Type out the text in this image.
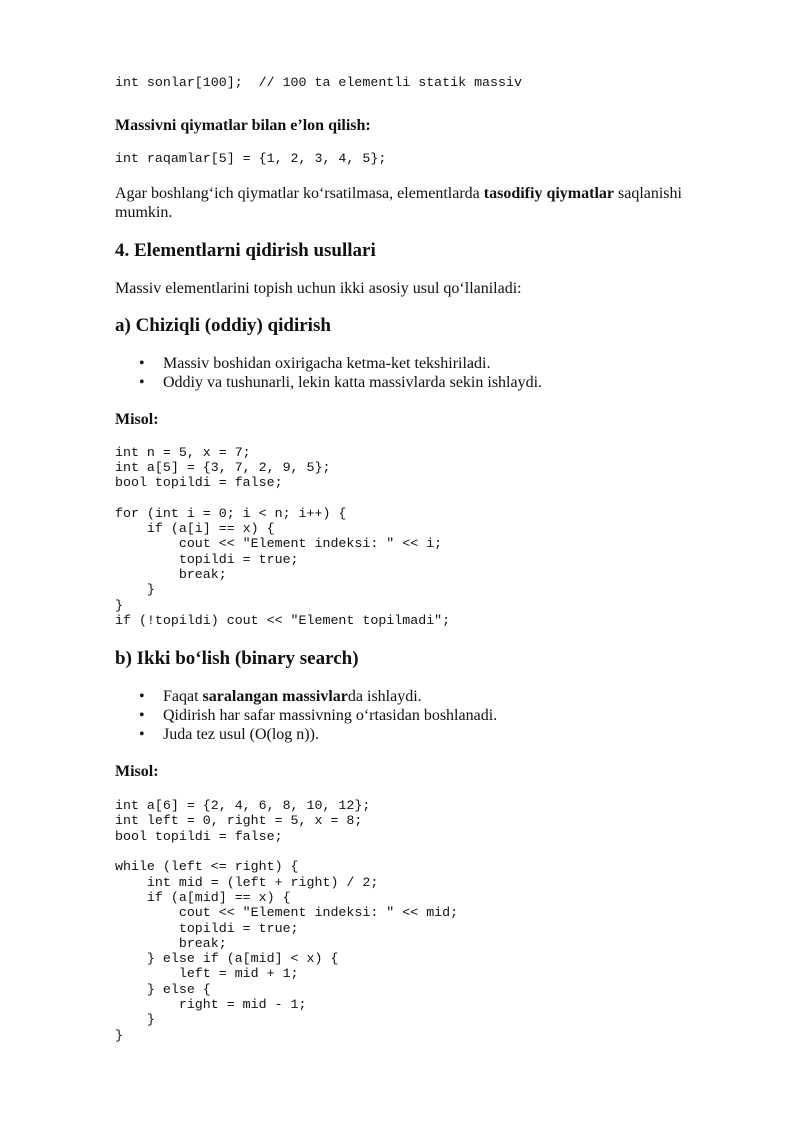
int sonlar[100];  // 100 ta elementli statik massiv

Massivni qiymatlar bilan e’lon qilish:

int raqamlar[5] = {1, 2, 3, 4, 5};

Agar boshlang‘ich qiymatlar ko‘rsatilmasa, elementlarda tasodifiy qiymatlar saqlanishi mumkin.

4. Elementlarni qidirish usullari

Massiv elementlarini topish uchun ikki asosiy usul qo‘llaniladi:

a) Chiziqli (oddiy) qidirish
• Massiv boshidan oxirigacha ketma-ket tekshiriladi.
• Oddiy va tushunarli, lekin katta massivlarda sekin ishlaydi.

Misol:

int n = 5, x = 7;
int a[5] = {3, 7, 2, 9, 5};
bool topildi = false;

for (int i = 0; i < n; i++) {
if (a[i] == x) {
cout << "Element indeksi: " << i;
topildi = true;
break;
}
}
if (!topildi) cout << "Element topilmadi";
b) Ikki bo‘lish (binary search)
• Faqat saralangan massivlarda ishlaydi.
• Qidirish har safar massivning o‘rtasidan boshlanadi.
• Juda tez usul (O(log n)).

Misol:

int a[6] = {2, 4, 6, 8, 10, 12};
int left = 0, right = 5, x = 8;
bool topildi = false;

while (left <= right) {
int mid = (left + right) / 2;
if (a[mid] == x) {
cout << "Element indeksi: " << mid;
topildi = true;
break;
} else if (a[mid] < x) {
left = mid + 1;
} else {
right = mid - 1;
}
}
